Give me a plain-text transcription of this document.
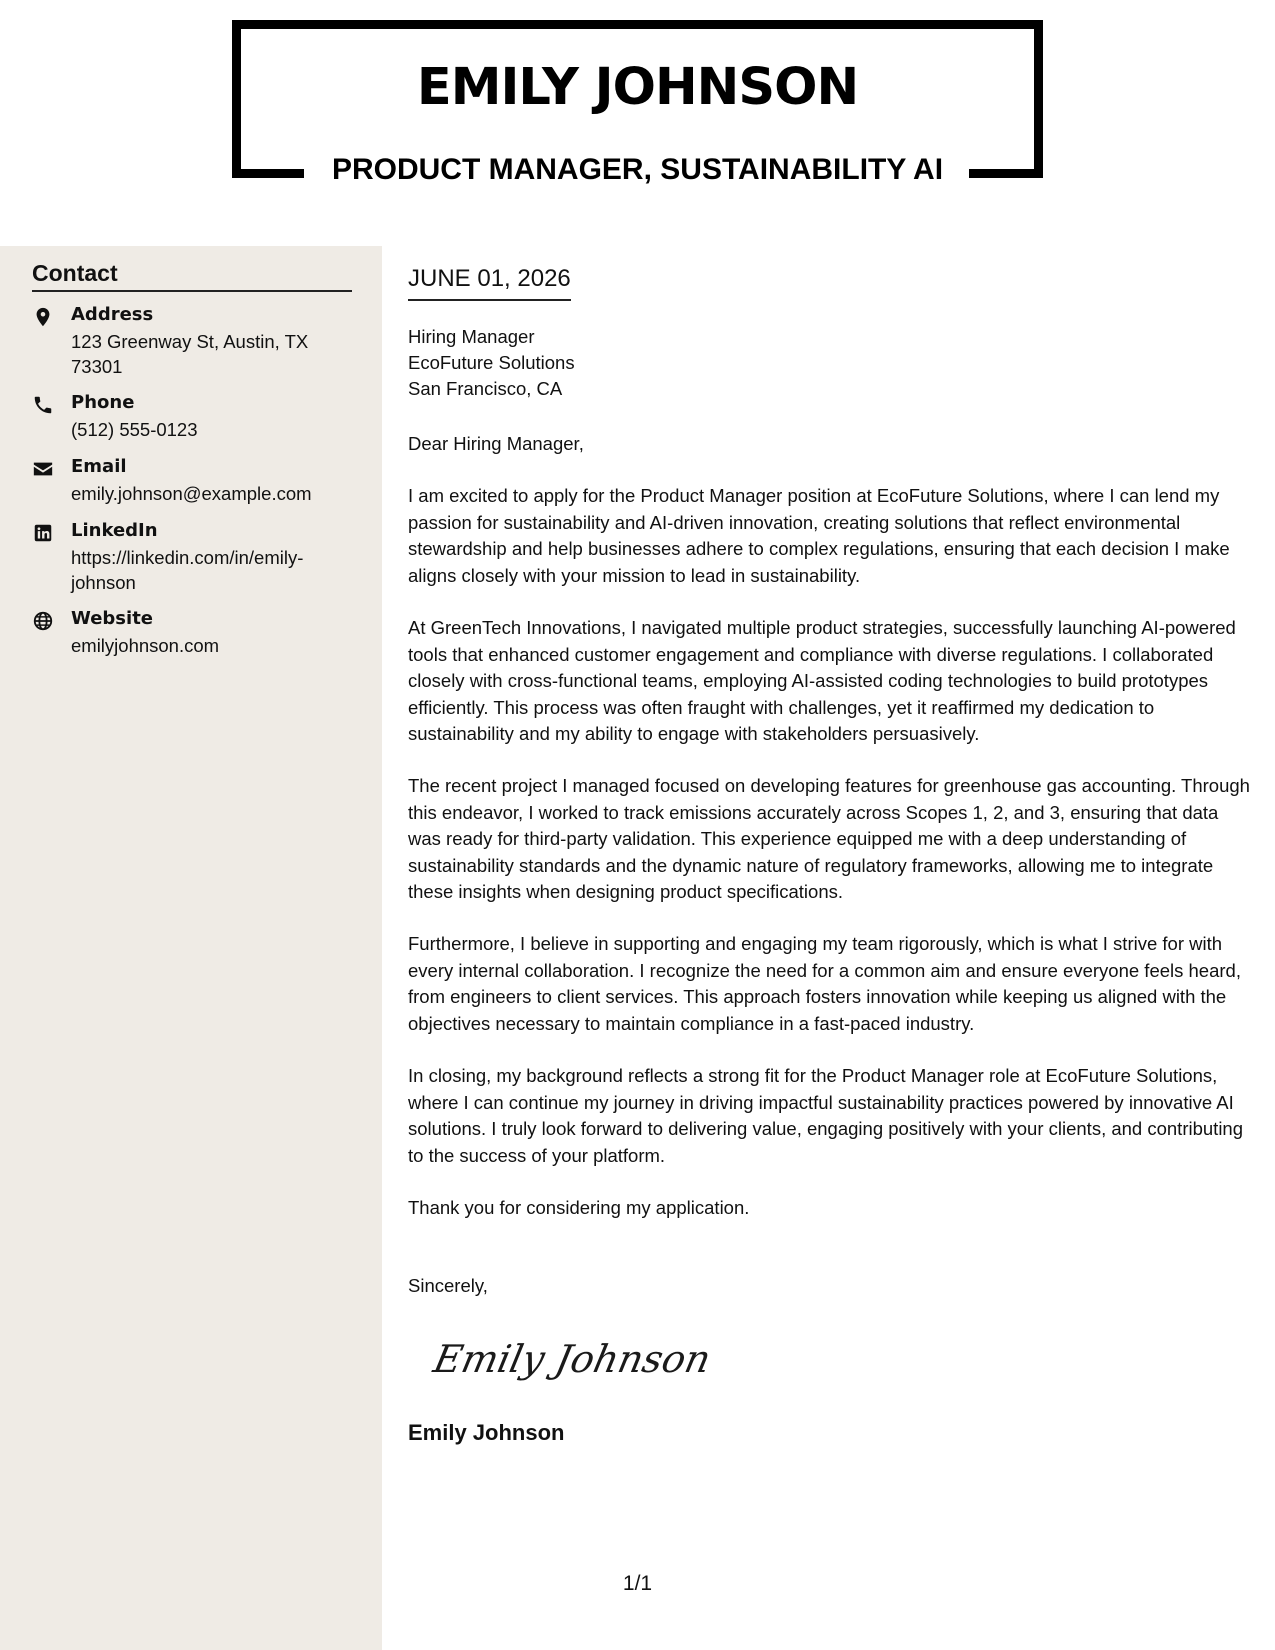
EMILY JOHNSON
PRODUCT MANAGER, SUSTAINABILITY AI
Contact
Address
123 Greenway St, Austin, TX 73301
Phone
(512) 555-0123
Email
emily.johnson@example.com
LinkedIn
https://linkedin.com/in/emily-
johnson
Website
emilyjohnson.com
JUNE 01, 2026
Hiring Manager
EcoFuture Solutions
San Francisco, CA
Dear Hiring Manager,

I am excited to apply for the Product Manager position at EcoFuture Solutions, where I can lend my passion for sustainability and AI-driven innovation, creating solutions that reflect environmental stewardship and help businesses adhere to complex regulations, ensuring that each decision I make aligns closely with your mission to lead in sustainability.

At GreenTech Innovations, I navigated multiple product strategies, successfully launching AI-powered tools that enhanced customer engagement and compliance with diverse regulations. I collaborated closely with cross-functional teams, employing AI-assisted coding technologies to build prototypes efficiently. This process was often fraught with challenges, yet it reaffirmed my dedication to sustainability and my ability to engage with stakeholders persuasively.

The recent project I managed focused on developing features for greenhouse gas accounting. Through this endeavor, I worked to track emissions accurately across Scopes 1, 2, and 3, ensuring that data was ready for third-party validation. This experience equipped me with a deep understanding of sustainability standards and the dynamic nature of regulatory frameworks, allowing me to integrate these insights when designing product specifications.

Furthermore, I believe in supporting and engaging my team rigorously, which is what I strive for with every internal collaboration. I recognize the need for a common aim and ensure everyone feels heard, from engineers to client services. This approach fosters innovation while keeping us aligned with the objectives necessary to maintain compliance in a fast-paced industry.

In closing, my background reflects a strong fit for the Product Manager role at EcoFuture Solutions, where I can continue my journey in driving impactful sustainability practices powered by innovative AI solutions. I truly look forward to delivering value, engaging positively with your clients, and contributing to the success of your platform.

Thank you for considering my application.

Sincerely,
Emily Johnson
Emily Johnson
1/1
